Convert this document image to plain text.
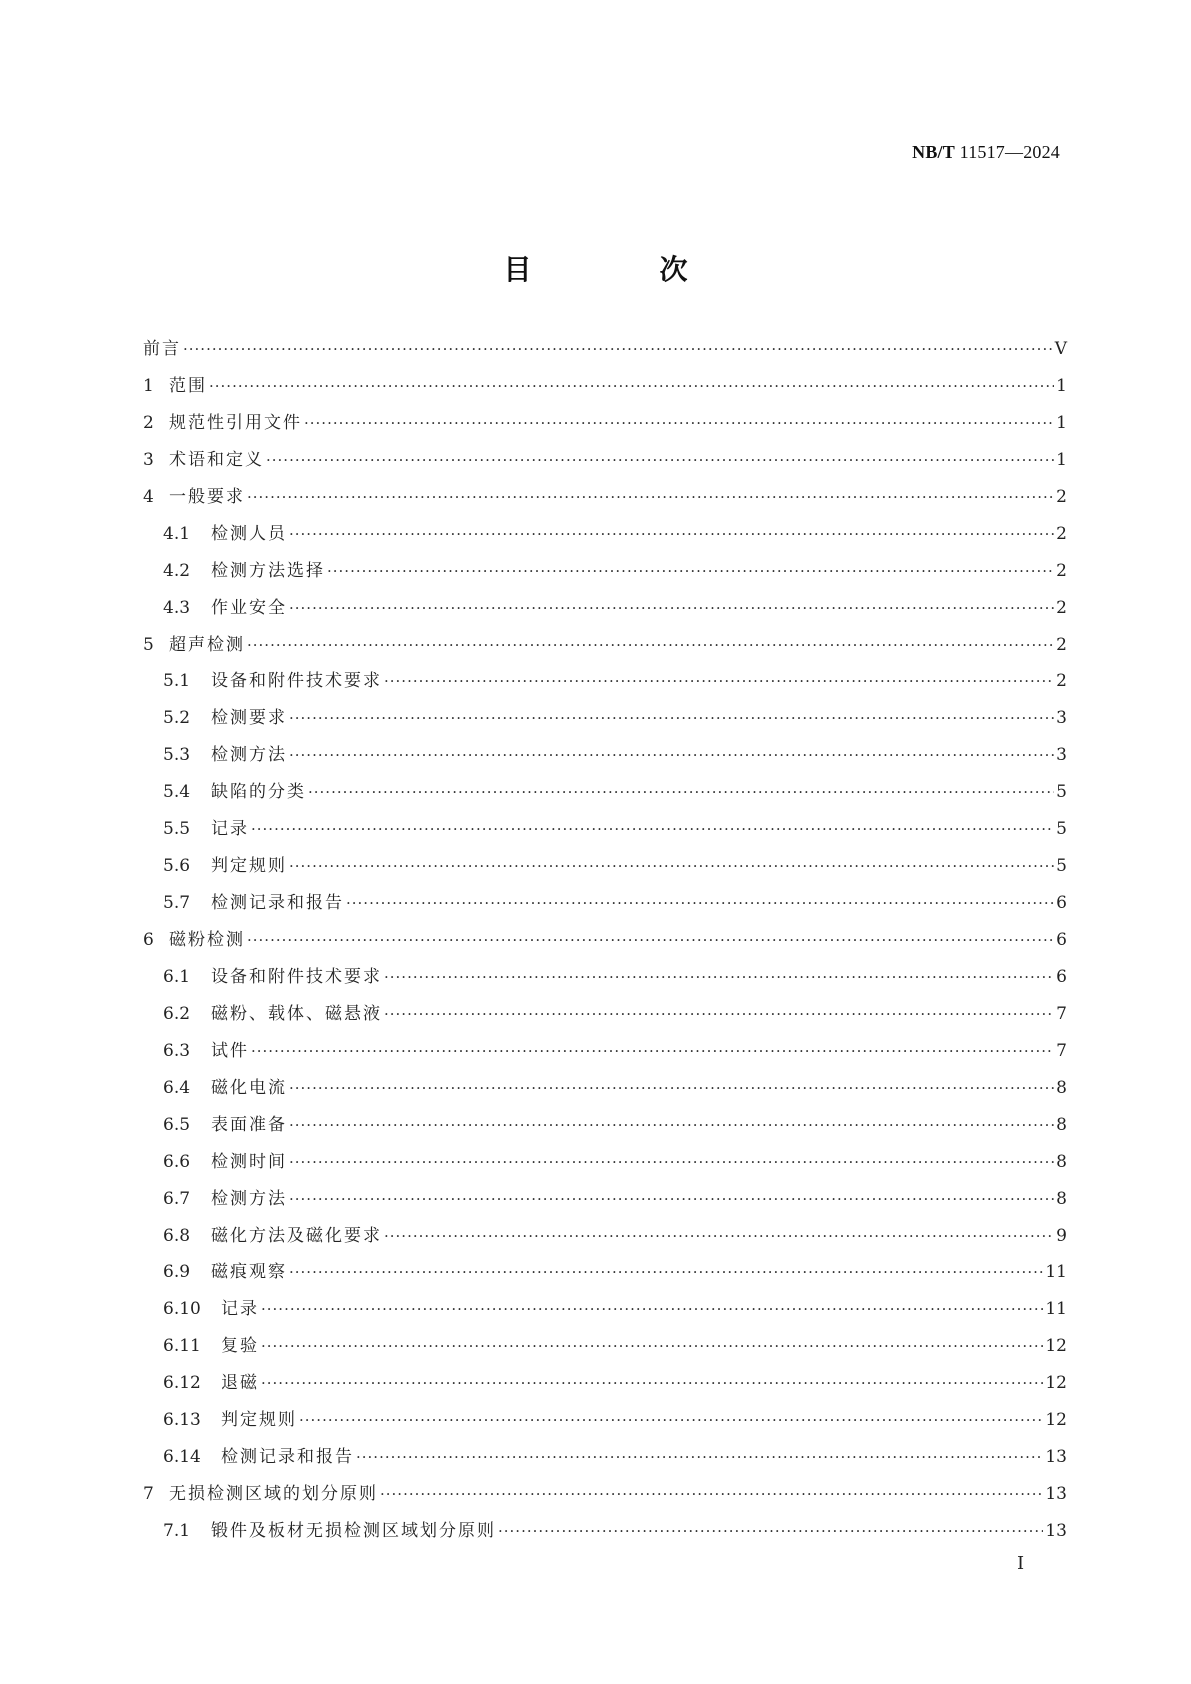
NB/T 11517—2024
目　次
前言 ·····	V
1 范围 ·····	1
2 规范性引用文件 ·····	1
3 术语和定义 ·····	1
4 一般要求 ·····	2
4.1	检测人员 ·····	2
4.2	检测方法选择 ·····	2
4.3	作业安全 ·····	2
5 超声检测 ·····	2
5.1	设备和附件技术要求 ·····	2
5.2	检测要求 ·····	3
5.3	检测方法 ·····	3
5.4	缺陷的分类 ·····	5
5.5	记录 ·····	5
5.6	判定规则 ·····	5
5.7	检测记录和报告 ·····	6
6 磁粉检测 ·····	6
6.1	设备和附件技术要求 ·····	6
6.2	磁粉、载体、磁悬液 ·····	7
6.3	试件 ·····	7
6.4	磁化电流 ·····	8
6.5	表面准备 ·····	8
6.6	检测时间 ·····	8
6.7	检测方法 ·····	8
6.8	磁化方法及磁化要求 ·····	9
6.9	磁痕观察 ·····	11
6.10	记录 ·····	11
6.11	复验 ·····	12
6.12	退磁 ·····	12
6.13	判定规则 ·····	12
6.14	检测记录和报告 ·····	13
7 无损检测区域的划分原则 ·····	13
7.1	锻件及板材无损检测区域划分原则 ·····	13
I
